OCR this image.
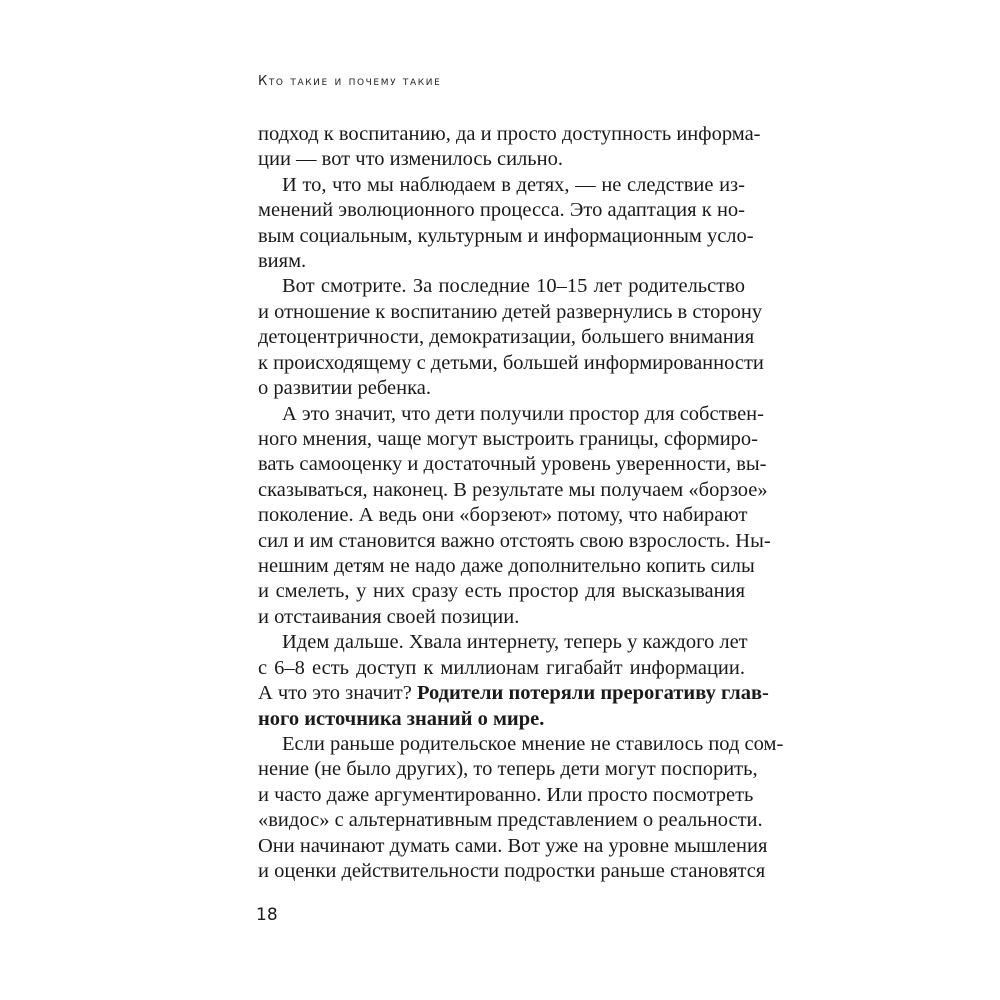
Кто такие и почему такие
подход к воспитанию, да и просто доступность информа-
ции — вот что изменилось сильно.
И то, что мы наблюдаем в детях, — не следствие из-
менений эволюционного процесса. Это адаптация к но-
вым социальным, культурным и информационным усло-
виям.
Вот смотрите. За последние 10–15 лет родительство
и отношение к воспитанию детей развернулись в сторону
детоцентричности, демократизации, большего внимания
к происходящему с детьми, большей информированности
о развитии ребенка.
А это значит, что дети получили простор для собствен-
ного мнения, чаще могут выстроить границы, сформиро-
вать самооценку и достаточный уровень уверенности, вы-
сказываться, наконец. В результате мы получаем «борзое»
поколение. А ведь они «борзеют» потому, что набирают
сил и им становится важно отстоять свою взрослость. Ны-
нешним детям не надо даже дополнительно копить силы
и смелеть, у них сразу есть простор для высказывания
и отстаивания своей позиции.
Идем дальше. Хвала интернету, теперь у каждого лет
с 6–8 есть доступ к миллионам гигабайт информации.
А что это значит? Родители потеряли прерогативу глав-
ного источника знаний о мире.
Если раньше родительское мнение не ставилось под сом-
нение (не было других), то теперь дети могут поспорить,
и часто даже аргументированно. Или просто посмотреть
«видос» с альтернативным представлением о реальности.
Они начинают думать сами. Вот уже на уровне мышления
и оценки действительности подростки раньше становятся
18
